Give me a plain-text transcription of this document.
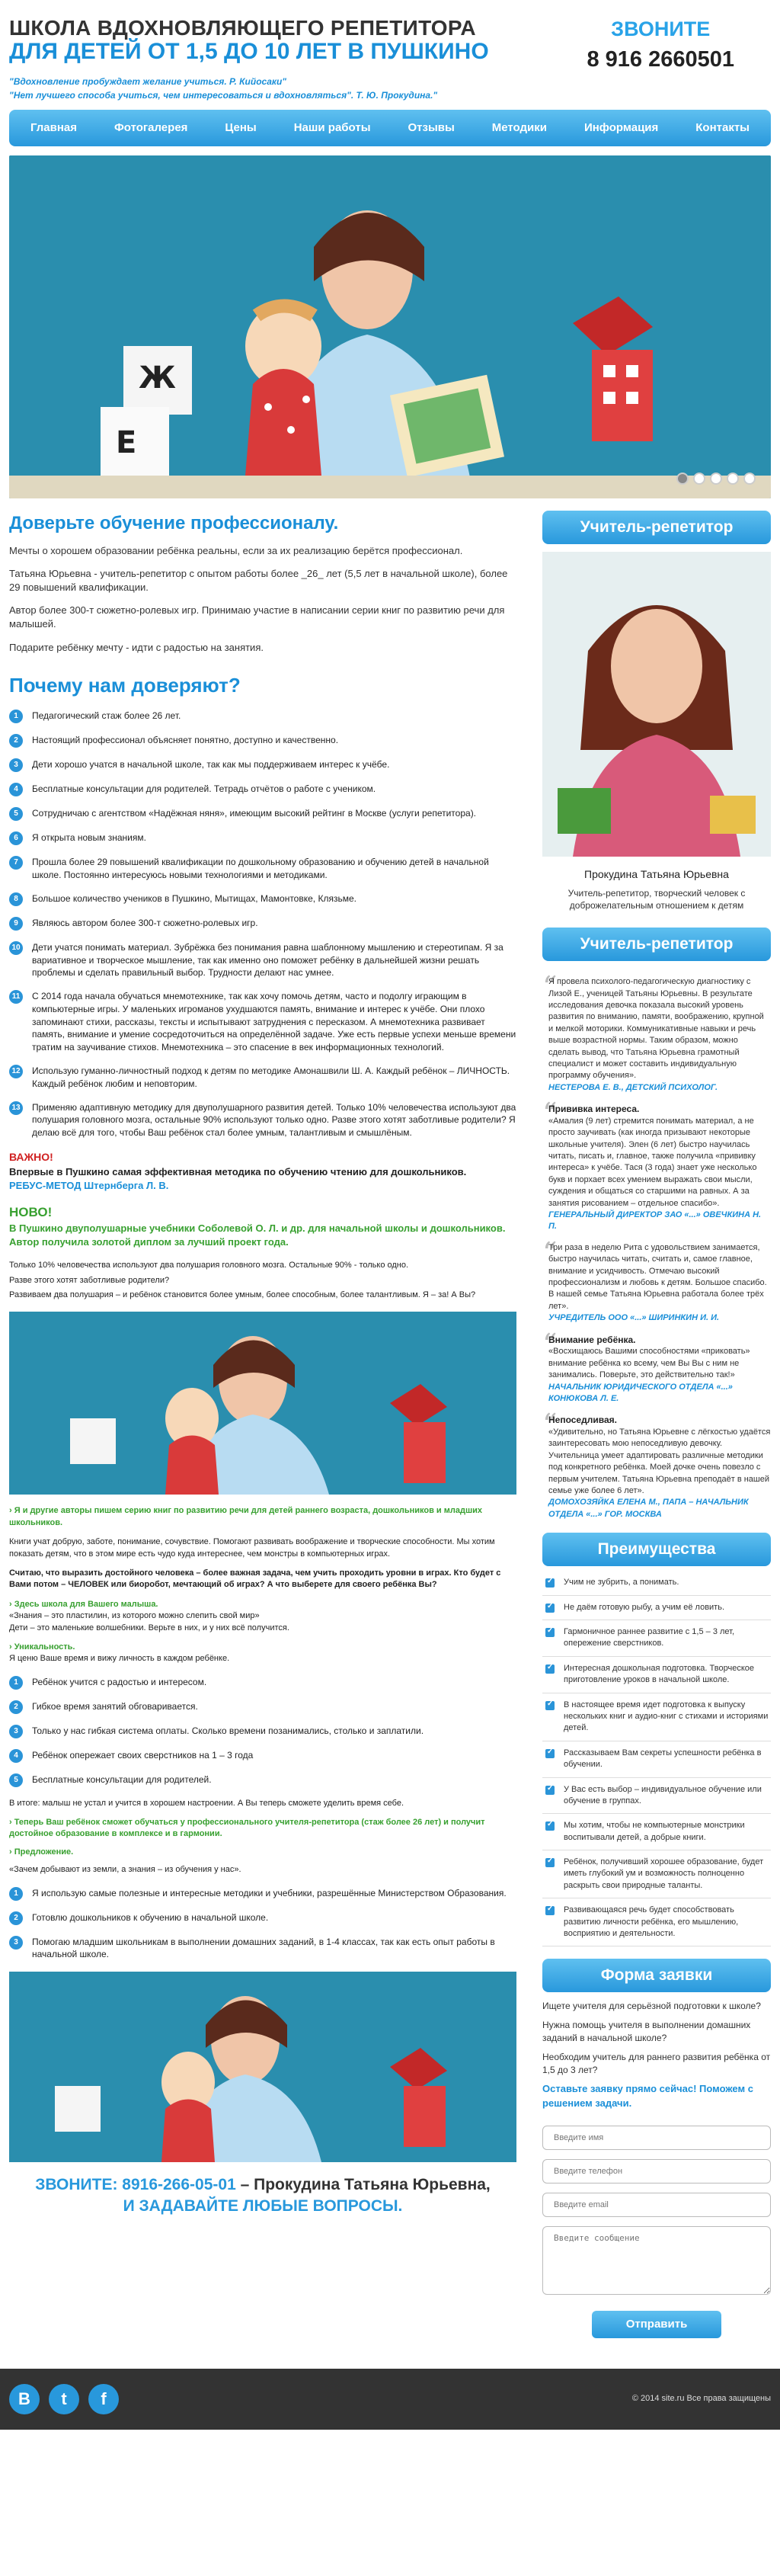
ШКОЛА ВДОХНОВЛЯЮЩЕГО РЕПЕТИТОРА
ДЛЯ ДЕТЕЙ ОТ 1,5 ДО 10 ЛЕТ В ПУШКИНО
ЗВОНИТЕ
8 916 2660501
"Вдохновление пробуждает желание учиться. Р. Кийосаки"
"Нет лучшего способа учиться, чем интересоваться и вдохновляться". Т. Ю. Прокудина."
Главная	Фотогалерея	Цены	Наши работы	Отзывы	Методики	Информация	Контакты
Ж
Е
Доверьте обучение профессионалу.

Мечты о хорошем образовании ребёнка реальны, если за их реализацию берётся профессионал.

Татьяна Юрьевна - учитель-репетитор с опытом работы более _26_ лет (5,5 лет в начальной школе), более 29 повышений квалификации.

Автор более 300-т сюжетно-ролевых игр. Принимаю участие в написании серии книг по развитию речи для малышей.

Подарите ребёнку мечту - идти с радостью на занятия.

Почему нам доверяют?
1	Педагогический стаж более 26 лет.
2	Настоящий профессионал объясняет понятно, доступно и качественно.
3	Дети хорошо учатся в начальной школе, так как мы поддерживаем интерес к учёбе.
4	Бесплатные консультации для родителей. Тетрадь отчётов о работе с учеником.
5	Сотрудничаю с агентством «Надёжная няня», имеющим высокий рейтинг в Москве (услуги репетитора).
6	Я открыта новым знаниям.
7	Прошла более 29 повышений квалификации по дошкольному образованию и обучению детей в начальной школе. Постоянно интересуюсь новыми технологиями и методиками.
8	Большое количество учеников в Пушкино, Мытищах, Мамонтовке, Клязьме.
9	Являюсь автором более 300-т сюжетно-ролевых игр.
10 Дети учатся понимать материал. Зубрёжка без понимания равна шаблонному мышлению и стереотипам. Я за вариативное и творческое мышление, так как именно оно поможет ребёнку в дальнейшей жизни решать проблемы и сделать правильный выбор. Трудности делают нас умнее.
11	С 2014 года начала обучаться мнемотехнике, так как хочу помочь детям, часто и подолгу играющим в компьютерные игры. У маленьких игроманов ухудшаются память, внимание и интерес к учёбе. Они плохо запоминают стихи, рассказы, тексты и испытывают затруднения с пересказом. А мнемотехника развивает память, внимание и умение сосредоточиться на определённой задаче. Уже есть первые успехи меньше времени тратим на заучивание стихов. Мнемотехника – это спасение в век информационных технологий.
12 Использую гуманно-личностный подход к детям по методике Амонашвили Ш. А. Каждый ребёнок – ЛИЧНОСТЬ. Каждый ребёнок любим и неповторим.
13 Применяю адаптивную методику для двуполушарного развития детей. Только 10% человечества используют два полушария головного мозга, остальные 90% используют только одно. Разве этого хотят заботливые родители? Я делаю всё для того, чтобы Ваш ребёнок стал более умным, талантливым и смышлёным.
ВАЖНО!
Впервые в Пушкино самая эффективная методика по обучению чтению для дошкольников.
РЕБУС-МЕТОД Штернберга Л. В.
НОВО!
В Пушкино двуполушарные учебники Соболевой О. Л. и др. для начальной школы и дошкольников. Автор получила золотой диплом за лучший проект года.

Только 10% человечества используют два полушария головного мозга. Остальные 90% - только одно.

Разве этого хотят заботливые родители?

Развиваем два полушария – и ребёнок становится более умным, более способным, более талантливым. Я – за! А Вы?

› Я и другие авторы пишем серию книг по развитию речи для детей раннего возраста, дошкольников и младших школьников.

Книги учат добрую, заботе, понимание, сочувствие. Помогают развивать воображение и творческие способности. Мы хотим показать детям, что в этом мире есть чудо куда интереснее, чем монстры в компьютерных играх.

Считаю, что выразить достойного человека – более важная задача, чем учить проходить уровни в играх. Кто будет с Вами потом – ЧЕЛОВЕК или биоробот, мечтающий об играх? А что выберете для своего ребёнка Вы?

› Здесь школа для Вашего малыша.

«Знания – это пластилин, из которого можно слепить свой мир»

Дети – это маленькие волшебники. Верьте в них, и у них всё получится.

› Уникальность.

Я ценю Ваше время и вижу личность в каждом ребёнке.

1	Ребёнок учится с радостью и интересом.
2	Гибкое время занятий обговаривается.
3	Только у нас гибкая система оплаты. Сколько времени позанимались, столько и заплатили.
4	Ребёнок опережает своих сверстников на 1 – 3 года
5	Бесплатные консультации для родителей.

В итоге: малыш не устал и учится в хорошем настроении. А Вы теперь сможете уделить время себе.

› Теперь Ваш ребёнок сможет обучаться у профессионального учителя-репетитора (стаж более 26 лет) и получит достойное образование в комплексе и в гармонии.
› Предложение.

«Зачем добывают из земли, а знания – из обучения у нас».

1	Я использую самые полезные и интересные методики и учебники, разрешённые Министерством Образования.
2	Готовлю дошкольников к обучению в начальной школе.
3	Помогаю младшим школьникам в выполнении домашних заданий, в 1-4 классах, так как есть опыт работы в начальной школе.
ЗВОНИТЕ: 8916-266-05-01 – Прокудина Татьяна Юрьевна,
И ЗАДАВАЙТЕ ЛЮБЫЕ ВОПРОСЫ.
Учитель-репетитор
Прокудина Татьяна Юрьевна
Учитель-репетитор, творческий человек с доброжелательным отношением к детям
Учитель-репетитор
“
Я провела психолого-педагогическую диагностику с Лизой Е., ученицей Татьяны Юрьевны. В результате исследования девочка показала высокий уровень развития по вниманию, памяти, воображению, крупной и мелкой моторики. Коммуникативные навыки и речь выше возрастной нормы. Таким образом, можно сделать вывод, что Татьяна Юрьевна грамотный специалист и может составить индивидуальную программу обучения».
НЕСТЕРОВА Е. В., ДЕТСКИЙ ПСИХОЛОГ.
“
Прививка интереса.
«Амалия (9 лет) стремится понимать материал, а не просто заучивать (как иногда призывают некоторые школьные учителя). Элен (6 лет) быстро научилась читать, писать и, главное, также получила «прививку интереса» к учёбе. Тася (3 года) знает уже несколько букв и порхает всех умением выражать свои мысли, суждения и общаться со старшими на равных. А за занятия рисованием – отдельное спасибо».
ГЕНЕРАЛЬНЫЙ ДИРЕКТОР ЗАО «...» ОВЕЧКИНА Н. П.
“
Три раза в неделю Рита с удовольствием занимается, быстро научилась читать, считать и, самое главное, внимание и усидчивость. Отмечаю высокий профессионализм и любовь к детям. Большое спасибо. В нашей семье Татьяна Юрьевна работала более трёх лет».
УЧРЕДИТЕЛЬ ООО «...» ШИРИНКИН И. И.
“
Внимание ребёнка.
«Восхищаюсь Вашими способностями «приковать» внимание ребёнка ко всему, чем Вы Вы с ним не занимались. Поверьте, это действительно так!»
НАЧАЛЬНИК ЮРИДИЧЕСКОГО ОТДЕЛА «...» КОНЮКОВА Л. Е.
“
Непоседливая.
«Удивительно, но Татьяна Юрьевне с лёгкостью удаётся заинтересовать мою непоседливую девочку. Учительница умеет адаптировать различные методики под конкретного ребёнка. Моей дочке очень повезло с первым учителем. Татьяна Юрьевна преподаёт в нашей семье уже более 6 лет».
ДОМОХОЗЯЙКА ЕЛЕНА М., ПАПА – НАЧАЛЬНИК ОТДЕЛА «...» ГОР. МОСКВА
Преимущества
Учим не зубрить, а понимать. ✓
Не даём готовую рыбу, а учим её ловить. ✓
Гармоничное раннее развитие с 1,5 – 3 лет, опережение сверстников. ✓
Интересная дошкольная подготовка. Творческое приготовление уроков в начальной школе. ✓
В настоящее время идет подготовка к выпуску нескольких книг и аудио-книг с стихами и историями детей. ✓
Рассказываем Вам секреты успешности ребёнка в обучении. ✓
У Вас есть выбор – индивидуальное обучение или обучение в группах. ✓
Мы хотим, чтобы не компьютерные монстрики воспитывали детей, а добрые книги. ✓
Ребёнок, получивший хорошее образование, будет иметь глубокий ум и возможность полноценно раскрыть свои природные таланты. ✓
Развивающаяся речь будет способствовать развитию личности ребёнка, его мышлению, восприятию и деятельности. ✓
Форма заявки

Ищете учителя для серьёзной подготовки к школе?

Нужна помощь учителя в выполнении домашних заданий в начальной школе?

Необходим учитель для раннего развития ребёнка от 1,5 до 3 лет?

Оставьте заявку прямо сейчас! Поможем с решением задачи.

Введите имя Введите телефон Введите email Введите сообщение
Отправить
В	t	f	© 2014 site.ru Все права защищены
